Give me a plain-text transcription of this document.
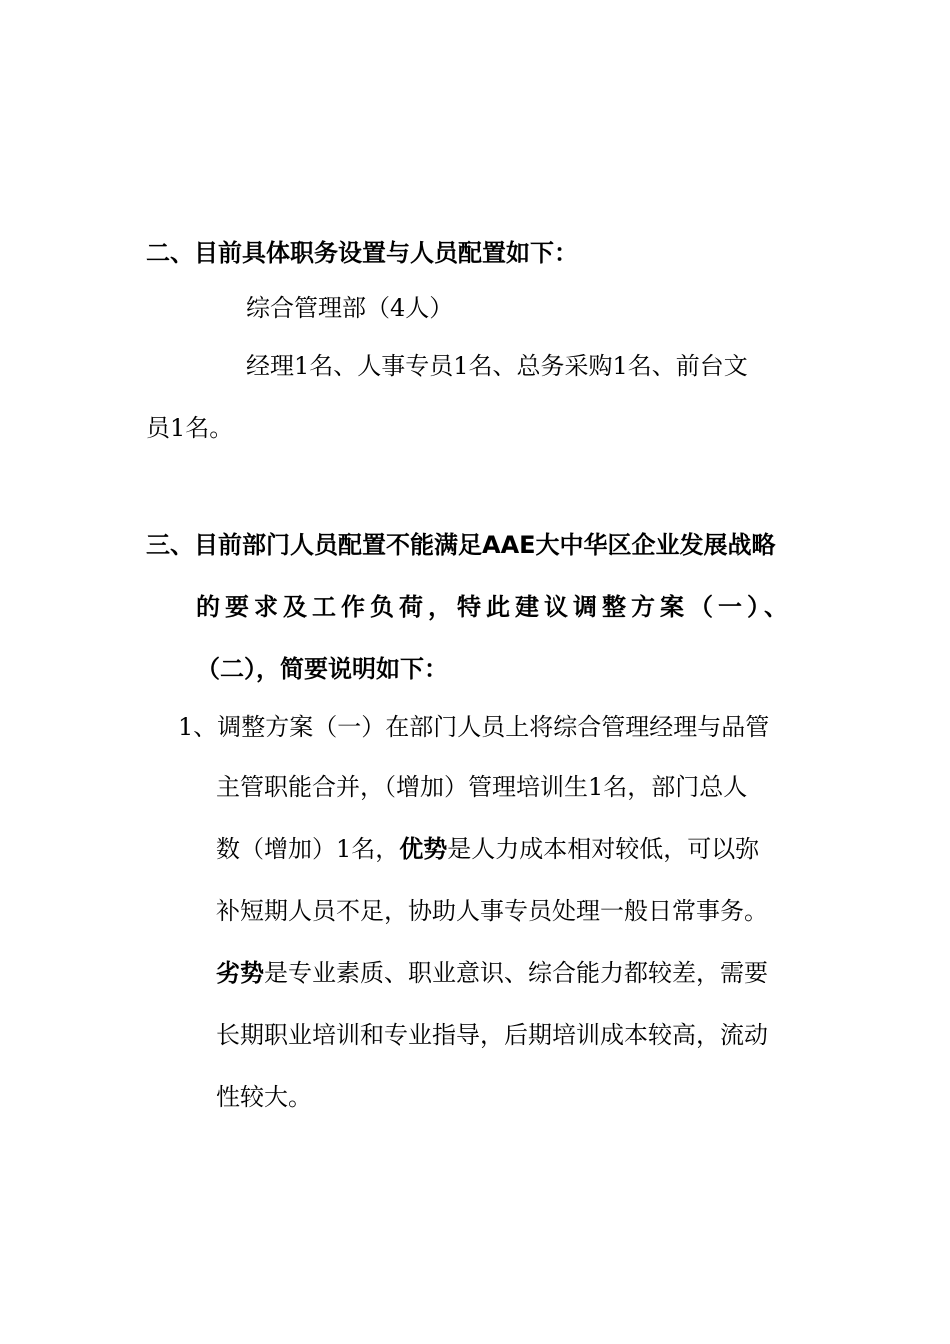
二、目前具体职务设置与人员配置如下：
综合管理部（4人）
经理1名、人事专员1名、总务采购1名、前台文
员1名。
三、目前部门人员配置不能满足AAE大中华区企业发展战略
的要求及工作负荷，特此建议调整方案（一）、
（二），简要说明如下：
1、调整方案（一）在部门人员上将综合管理经理与品管
主管职能合并，（增加）管理培训生1名，部门总人
数（增加）1名，优势是人力成本相对较低，可以弥
补短期人员不足，协助人事专员处理一般日常事务。
劣势是专业素质、职业意识、综合能力都较差，需要
长期职业培训和专业指导，后期培训成本较高，流动
性较大。
